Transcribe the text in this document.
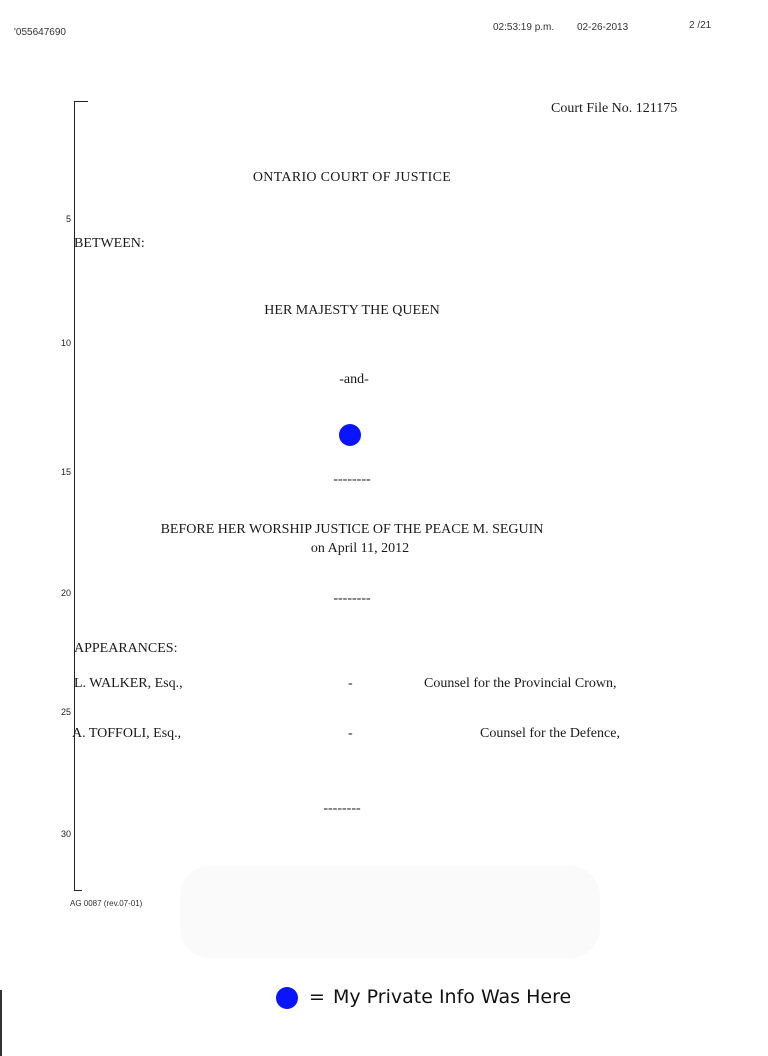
'055647690	02:53:19 p.m. 02-26-2013	2 /21
5
10
15
20
25
30
Court File No. 121175
ONTARIO COURT OF JUSTICE
BETWEEN:
HER MAJESTY THE QUEEN
-and-
--------
BEFORE HER WORSHIP JUSTICE OF THE PEACE M. SEGUIN
on April 11, 2012
--------
APPEARANCES:
L. WALKER, Esq.,	-	Counsel for the Provincial Crown,
A. TOFFOLI, Esq.,	-	Counsel for the Defence,
--------
AG 0087 (rev.07-01)
= My Private Info Was Here
